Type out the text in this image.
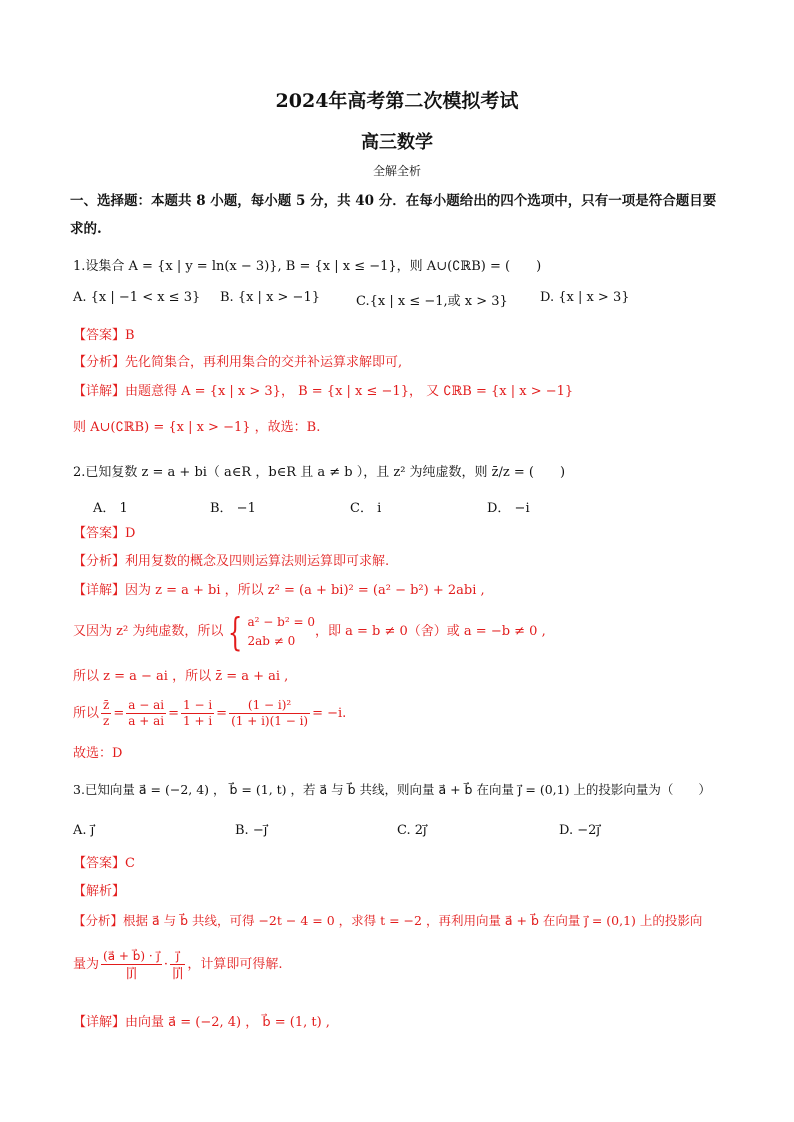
2024年高考第二次模拟考试
高三数学
全解全析
一、选择题：本题共 8 小题，每小题 5 分，共 40 分．在每小题给出的四个选项中，只有一项是符合题目要
求的.
1.设集合 A = {x | y = ln(x − 3)}, B = {x | x ≤ −1}，则 A∪(∁ℝB) = (　　)
A. {x | −1 < x ≤ 3} B. {x | x > −1}	C.{x | x ≤ −1,或 x > 3} D. {x | x > 3}
【答案】B
【分析】先化简集合，再利用集合的交并补运算求解即可,
【详解】由题意得 A = {x | x > 3}， B = {x | x ≤ −1}， 又 ∁ℝB = {x | x > −1}
则 A∪(∁ℝB) = {x | x > −1} ，故选：B.
2.已知复数 z = a + bi（ a∈R ，b∈R 且 a ≠ b ），且 z² 为纯虚数，则 z̄/z = (　　)
A． 1	B． −1	C． i	D． −i
【答案】D
【分析】利用复数的概念及四则运算法则运算即可求解.
【详解】因为 z = a + bi ，所以 z² = (a + bi)² = (a² − b²) + 2abi ,
又因为 z² 为纯虚数，所以 { a² − b² = 0
2ab ≠ 0
，即 a = b ≠ 0（舍）或 a = −b ≠ 0 ,
所以 z = a − ai ，所以 z̄ = a + ai ,
所以 $\frac{z̄}{z} = \frac{a - ai}{a + ai} = \frac{1 - i}{1 + i} = \frac{\text{(1 − i)²}}{(1 + i)(1 - i)} = -i$.
故选：D
3.已知向量 a⃗ = (−2, 4) ， b⃗ = (1, t) ，若 a⃗ 与 b⃗ 共线，则向量 a⃗ + b⃗ 在向量 j⃗ = (0,1) 上的投影向量为（　　）
A. j⃗	B. −j⃗	C. 2j⃗	D. −2j⃗
【答案】C
【解析】
【分析】根据 a⃗ 与 b⃗ 共线，可得 −2t − 4 = 0 ，求得 t = −2 ，再利用向量 a⃗ + b⃗ 在向量 j⃗ = (0,1) 上的投影向
量为 $\frac{(a⃗ + b⃗) \cdot j⃗}{|j⃗|} \cdot \frac{j⃗}{|j⃗|}$ ，计算即可得解.
【详解】由向量 a⃗ = (−2, 4) ， b⃗ = (1, t) ,
